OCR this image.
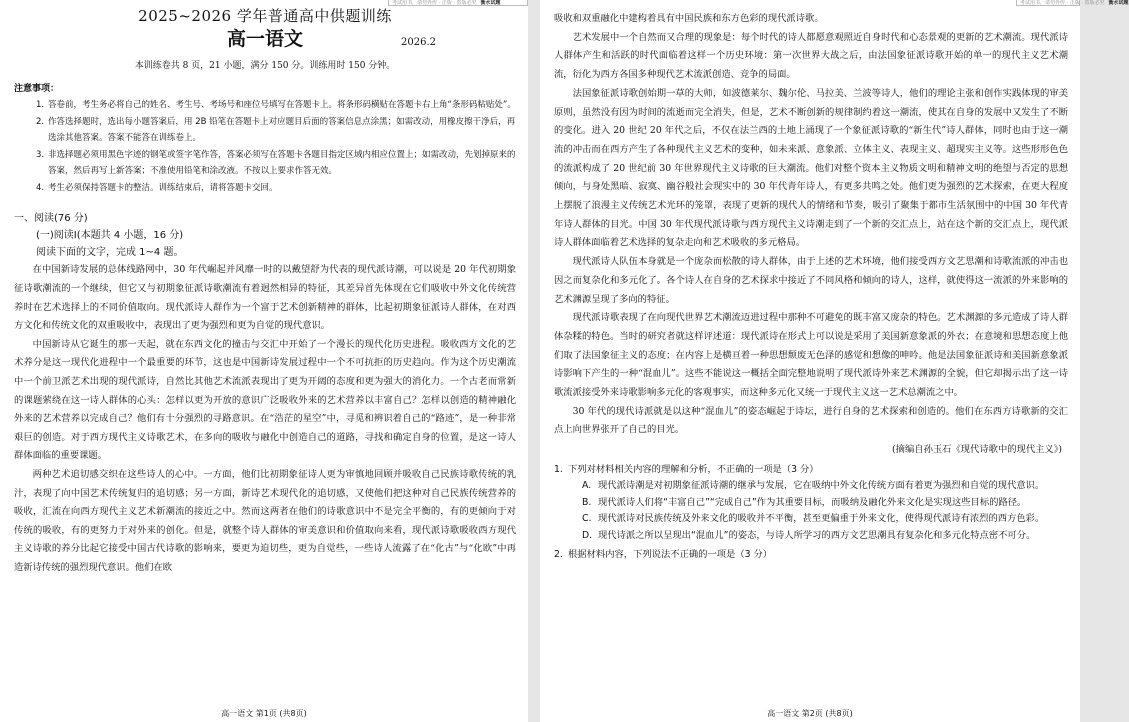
考试用书，请勿外传 · 正版 · 盗版必究 衡水试题
2025~2026 学年普通高中供题训练
高一语文	2026.2
本训练卷共 8 页，21 小题，满分 150 分。训练用时 150 分钟。
注意事项：
1. 答卷前，考生务必将自己的姓名、考生号、考场号和座位号填写在答题卡上。将条形码横贴在答题卡右上角“条形码粘贴处”。
2. 作答选择题时，选出每小题答案后，用 2B 铅笔在答题卡上对应题目后面的答案信息点涂黑；如需改动，用橡皮擦干净后，再选涂其他答案。答案不能答在训练卷上。
3. 非选择题必须用黑色字迹的钢笔或签字笔作答，答案必须写在答题卡各题目指定区域内相应位置上；如需改动，先划掉原来的答案，然后再写上新答案；不准使用铅笔和涂改液。不按以上要求作答无效。
4. 考生必须保持答题卡的整洁。训练结束后，请将答题卡交回。
一、阅读(76 分)
(一)阅读Ⅰ(本题共 4 小题，16 分)
阅读下面的文字，完成 1~4 题。
在中国新诗发展的总体线路网中，30 年代崛起并风靡一时的以戴望舒为代表的现代派诗潮，可以说是 20 年代初期象征诗歌潮流的一个继续，但它又与初期象征派诗歌潮流有着迥然相异的特征，其差异首先体现在它们吸收中外文化传统营养时在艺术选择上的不同价值取向。现代派诗人群作为一个富于艺术创新精神的群体，比起初期象征派诗人群体，在对西方文化和传统文化的双重吸收中，表现出了更为强烈和更为自觉的现代意识。
中国新诗从它诞生的那一天起，就在东西文化的撞击与交汇中开始了一个漫长的现代化历史进程。吸收西方文化的艺术养分是这一现代化进程中一个最重要的环节，这也是中国新诗发展过程中一个不可抗拒的历史趋向。作为这个历史潮流中一个前卫派艺术出现的现代派诗，自然比其他艺术流派表现出了更为开阔的态度和更为强大的消化力。一个古老而常新的课题萦绕在这一诗人群体的心头：怎样以更为开放的意识广泛吸收外来的艺术营养以丰富自己？怎样以创造的精神融化外来的艺术营养以完成自己？他们有十分强烈的寻路意识。在“浩茫的星空”中，寻觅和辨识着自己的“路迹”，是一种非常艰巨的创造。对于西方现代主义诗歌艺术，在多向的吸收与融化中创造自己的道路，寻找和确定自身的位置，是这一诗人群体面临的重要课题。
两种艺术追切感交织在这些诗人的心中。一方面，他们比初期象征诗人更为审慎地回顾并吸收自己民族诗歌传统的乳汁，表现了向中国艺术传统复归的追切感；另一方面，新诗艺术现代化的追切感，又使他们把这种对自己民族传统营养的吸收，汇流在向西方现代主义艺术新潮流的接近之中。然而这两者在他们的诗歌意识中不是完全平衡的，有的更倾向于对传统的吸收，有的更努力于对外来的创化。但是，就整个诗人群体的审美意识和价值取向来看，现代派诗歌吸收西方现代主义诗歌的养分比起它接受中国古代诗歌的影响来，要更为迫切些，更为自觉些，一些诗人流露了在“化古”与“化欧”中再造新诗传统的强烈现代意识。他们在欧
高一语文 第1页 (共8页)
考试用书，请勿外传 · 正版 · 盗版必究 衡水试题
吸收和双重融化中建构着具有中国民族和东方色彩的现代派诗歌。
艺术发展中一个自然而又合理的现象是：每个时代的诗人都愿意观照近自身时代和心态景观的更新的艺术潮流。现代派诗人群体产生和活跃的时代面临着这样一个历史环境：第一次世界大战之后，由法国象征派诗歌开始的单一的现代主义艺术潮流，衍化为西方各国多种现代艺术流派创造、竞争的局面。
法国象征派诗歌创始期一草的大师，如波德莱尔、魏尔伦、马拉美、兰波等诗人，他们的理论主张和创作实践体现的审美原则，虽然没有因为时间的流逝而完全消失，但是，艺术不断创新的规律制约着这一潮流，使其在自身的发展中又发生了不断的变化。进入 20 世纪 20 年代之后，不仅在法兰西的土地上涌现了一个象征派诗歌的“新生代”诗人群体，同时也由于这一潮流的冲击而在西方产生了各种现代主义艺术的变种，如未来派、意象派、立体主义、表现主义、超现实主义等。这些形形色色的流派构成了 20 世纪前 30 年世界现代主义诗歌的巨大潮流。他们对整个资本主义物质文明和精神文明的绝望与否定的思想倾向，与身处黑暗、寂寞、幽谷般社会现实中的 30 年代青年诗人，有更多共鸣之处。他们更为强烈的艺术探索，在更大程度上摆脱了浪漫主义传统艺术光环的笼罩，表现了更新的现代人的情绪和节奏，吸引了聚集于都市生活氛围中的中国 30 年代青年诗人群体的目光。中国 30 年代现代派诗歌与西方现代主义诗潮走到了一个新的交汇点上，站在这个新的交汇点上，现代派诗人群体面临着艺术选择的复杂走向和艺术吸收的多元格局。
现代派诗人队伍本身就是一个庞杂而松散的诗人群体，由于上述的艺术环境，他们接受西方文艺思潮和诗歌流派的冲击也因之而复杂化和多元化了。各个诗人在自身的艺术探求中接近了不同风格和倾向的诗人，这样，就使得这一流派的外来影响的艺术渊源呈现了多向的特征。
现代派诗歌表现了在向现代世界艺术潮流迈进过程中那种不可避免的既丰富又庞杂的特色。艺术渊源的多元造成了诗人群体杂糅的特色。当时的研究者就这样评述道：现代派诗在形式上可以说是采用了美国新意象派的外衣；在意境和思想态度上他们取了法国象征主义的态度；在内容上是横亘着一种思想颓废无色泽的感觉和想像的呻吟。他是法国象征派诗和美国新意象派诗影响下产生的一种“混血儿”。这些不能说这一概括全面完整地说明了现代派诗外来艺术渊源的全貌，但它却揭示出了这一诗歌流派接受外来诗歌影响多元化的客观事实，而这种多元化又统一于现代主义这一艺术总潮流之中。
30 年代的现代诗派就是以这种“混血儿”的姿态崛起于诗坛，进行自身的艺术探索和创造的。他们在东西方诗歌新的交汇点上向世界张开了自己的目光。
(摘编自孙玉石《现代诗歌中的现代主义》)
1. 下列对材料相关内容的理解和分析，不正确的一项是（3 分）
A. 现代派诗潮是对初期象征派诗潮的继承与发展，它在吸纳中外文化传统方面有着更为强烈和自觉的现代意识。
B. 现代派诗人们将“丰富自己”“完成自己”作为其重要目标，而吸纳及融化外来文化是实现这些目标的路径。
C. 现代派诗对民族传统及外来文化的吸收并不平衡，甚至更偏重于外来文化，使得现代派诗有浓烈的西方色彩。
D. 现代诗派之所以呈现出“混血儿”的姿态，与诗人所学习的西方文艺思潮具有复杂化和多元化特点密不可分。
2. 根据材料内容，下列说法不正确的一项是（3 分）
高一语文 第2页 (共8页)
